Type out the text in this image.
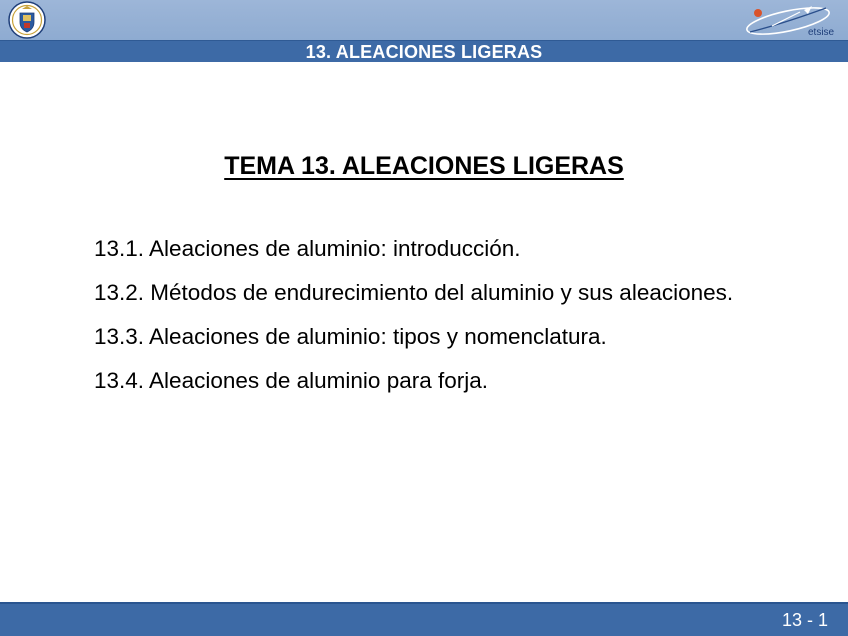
etsise
13. ALEACIONES LIGERAS
TEMA 13. ALEACIONES LIGERAS
13.1. Aleaciones de aluminio: introducción.
13.2. Métodos de endurecimiento del aluminio y sus aleaciones.
13.3. Aleaciones de aluminio: tipos y nomenclatura.
13.4. Aleaciones de aluminio para forja.
13 - 1
